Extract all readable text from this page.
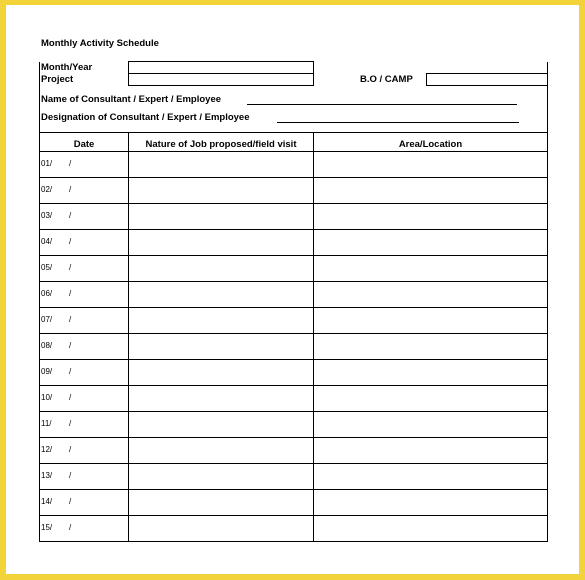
Monthly Activity Schedule
Month/Year
Project	B.O / CAMP
Name of Consultant / Expert / Employee
Designation of Consultant / Expert / Employee
Date	Nature of Job proposed/field visit	Area/Location
01/ /
02/ /
03/ /
04/ /
05/ /
06/ /
07/ /
08/ /
09/ /
10/ /
11/ /
12/ /
13/ /
14/ /
15/ /
